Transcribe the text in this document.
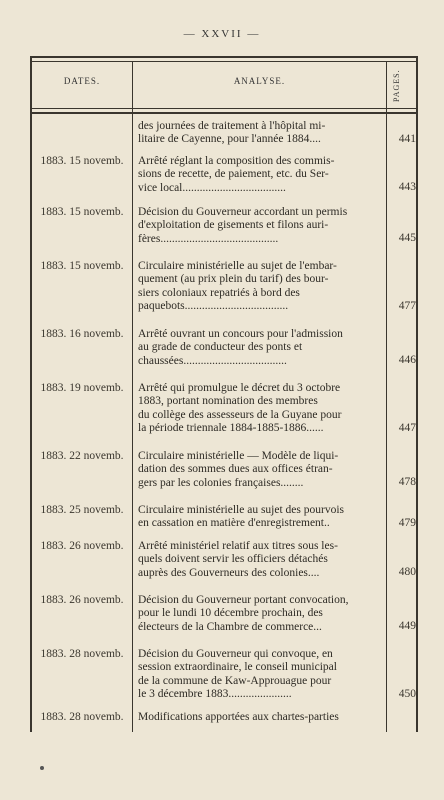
— XXVII —
DATES.	ANALYSE.	PAGES.
des journées de traitement à l'hôpital mi-
litaire de Cayenne, pour l'année 1884....	441
1883. 15 novemb.	Arrêté réglant la composition des commis-
sions de recette, de paiement, etc. du Ser-
vice local....................................	443
1883. 15 novemb.	Décision du Gouverneur accordant un permis
d'exploitation de gisements et filons auri-
fères.........................................	445
1883. 15 novemb.	Circulaire ministérielle au sujet de l'embar-
quement (au prix plein du tarif) des bour-
siers coloniaux repatriés à bord des
paquebots....................................	477
1883. 16 novemb.	Arrêté ouvrant un concours pour l'admission
au grade de conducteur des ponts et
chaussées....................................	446
1883. 19 novemb.	Arrêté qui promulgue le décret du 3 octobre
1883, portant nomination des membres
du collège des assesseurs de la Guyane pour
la période triennale 1884-1885-1886......	447
1883. 22 novemb.	Circulaire ministérielle — Modèle de liqui-
dation des sommes dues aux offices étran-
gers par les colonies françaises........	478
1883. 25 novemb.	Circulaire ministérielle au sujet des pourvois
en cassation en matière d'enregistrement..	479
1883. 26 novemb.	Arrêté ministériel relatif aux titres sous les-
quels doivent servir les officiers détachés
auprès des Gouverneurs des colonies....	480
1883. 26 novemb.	Décision du Gouverneur portant convocation,
pour le lundi 10 décembre prochain, des
électeurs de la Chambre de commerce...	449
1883. 28 novemb.	Décision du Gouverneur qui convoque, en
session extraordinaire, le conseil municipal
de la commune de Kaw-Approuague pour
le 3 décembre 1883......................	450
1883. 28 novemb.	Modifications apportées aux chartes-parties
